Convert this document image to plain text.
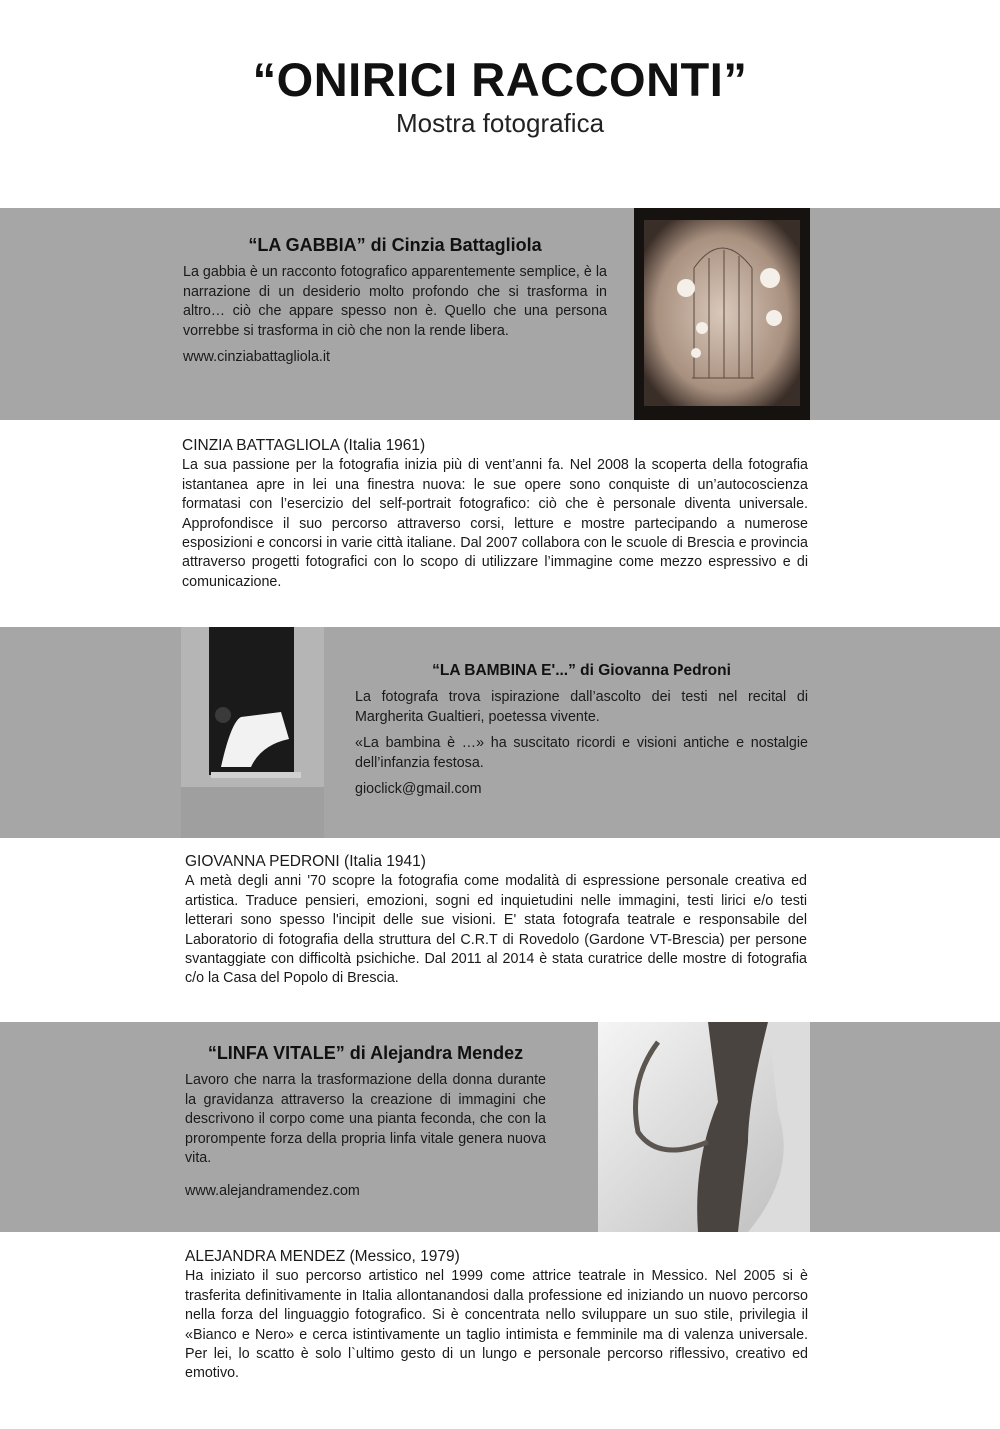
“ONIRICI RACCONTI”
Mostra fotografica
“LA GABBIA” di Cinzia Battagliola

La gabbia è un racconto fotografico apparentemente semplice, è la narrazione di un desiderio molto profondo che si trasforma in altro… ciò che appare spesso non è. Quello che una persona vorrebbe si trasforma in ciò che non la rende libera.

www.cinziabattagliola.it

CINZIA BATTAGLIOLA (Italia 1961)

La sua passione per la fotografia inizia più di vent’anni fa. Nel 2008 la scoperta della fotografia istantanea apre in lei una finestra nuova: le sue opere sono conquiste di un’autocoscienza formatasi con l’esercizio del self-portrait fotografico: ciò che è personale diventa universale. Approfondisce il suo percorso attraverso corsi, letture e mostre partecipando a numerose esposizioni e concorsi in varie città italiane. Dal 2007 collabora con le scuole di Brescia e provincia attraverso progetti fotografici con lo scopo di utilizzare l’immagine come mezzo espressivo e di comunicazione.

“LA BAMBINA E'...” di Giovanna Pedroni

La fotografa trova ispirazione dall’ascolto dei testi nel recital di Margherita Gualtieri, poetessa vivente.

«La bambina è …» ha suscitato ricordi e visioni antiche e nostalgie dell’infanzia festosa.

gioclick@gmail.com

GIOVANNA PEDRONI (Italia 1941)

A metà degli anni '70 scopre la fotografia come modalità di espressione personale creativa ed artistica. Traduce pensieri, emozioni, sogni ed inquietudini nelle immagini, testi lirici e/o testi letterari sono spesso l'incipit delle sue visioni. E' stata fotografa teatrale e responsabile del Laboratorio di fotografia della struttura del C.R.T di Rovedolo (Gardone VT-Brescia) per persone svantaggiate con difficoltà psichiche. Dal 2011 al 2014 è stata curatrice delle mostre di fotografia c/o la Casa del Popolo di Brescia.

“LINFA VITALE” di Alejandra Mendez

Lavoro che narra la trasformazione della donna durante la gravidanza attraverso la creazione di immagini che descrivono il corpo come una pianta feconda, che con la prorompente forza della propria linfa vitale genera nuova vita.

www.alejandramendez.com

ALEJANDRA MENDEZ (Messico, 1979)

Ha iniziato il suo percorso artistico nel 1999 come attrice teatrale in Messico. Nel 2005 si è trasferita definitivamente in Italia allontanandosi dalla professione ed iniziando un nuovo percorso nella forza del linguaggio fotografico. Si è concentrata nello sviluppare un suo stile, privilegia il «Bianco e Nero» e cerca istintivamente un taglio intimista e femminile ma di valenza universale. Per lei, lo scatto è solo l`ultimo gesto di un lungo e personale percorso riflessivo, creativo ed emotivo.
